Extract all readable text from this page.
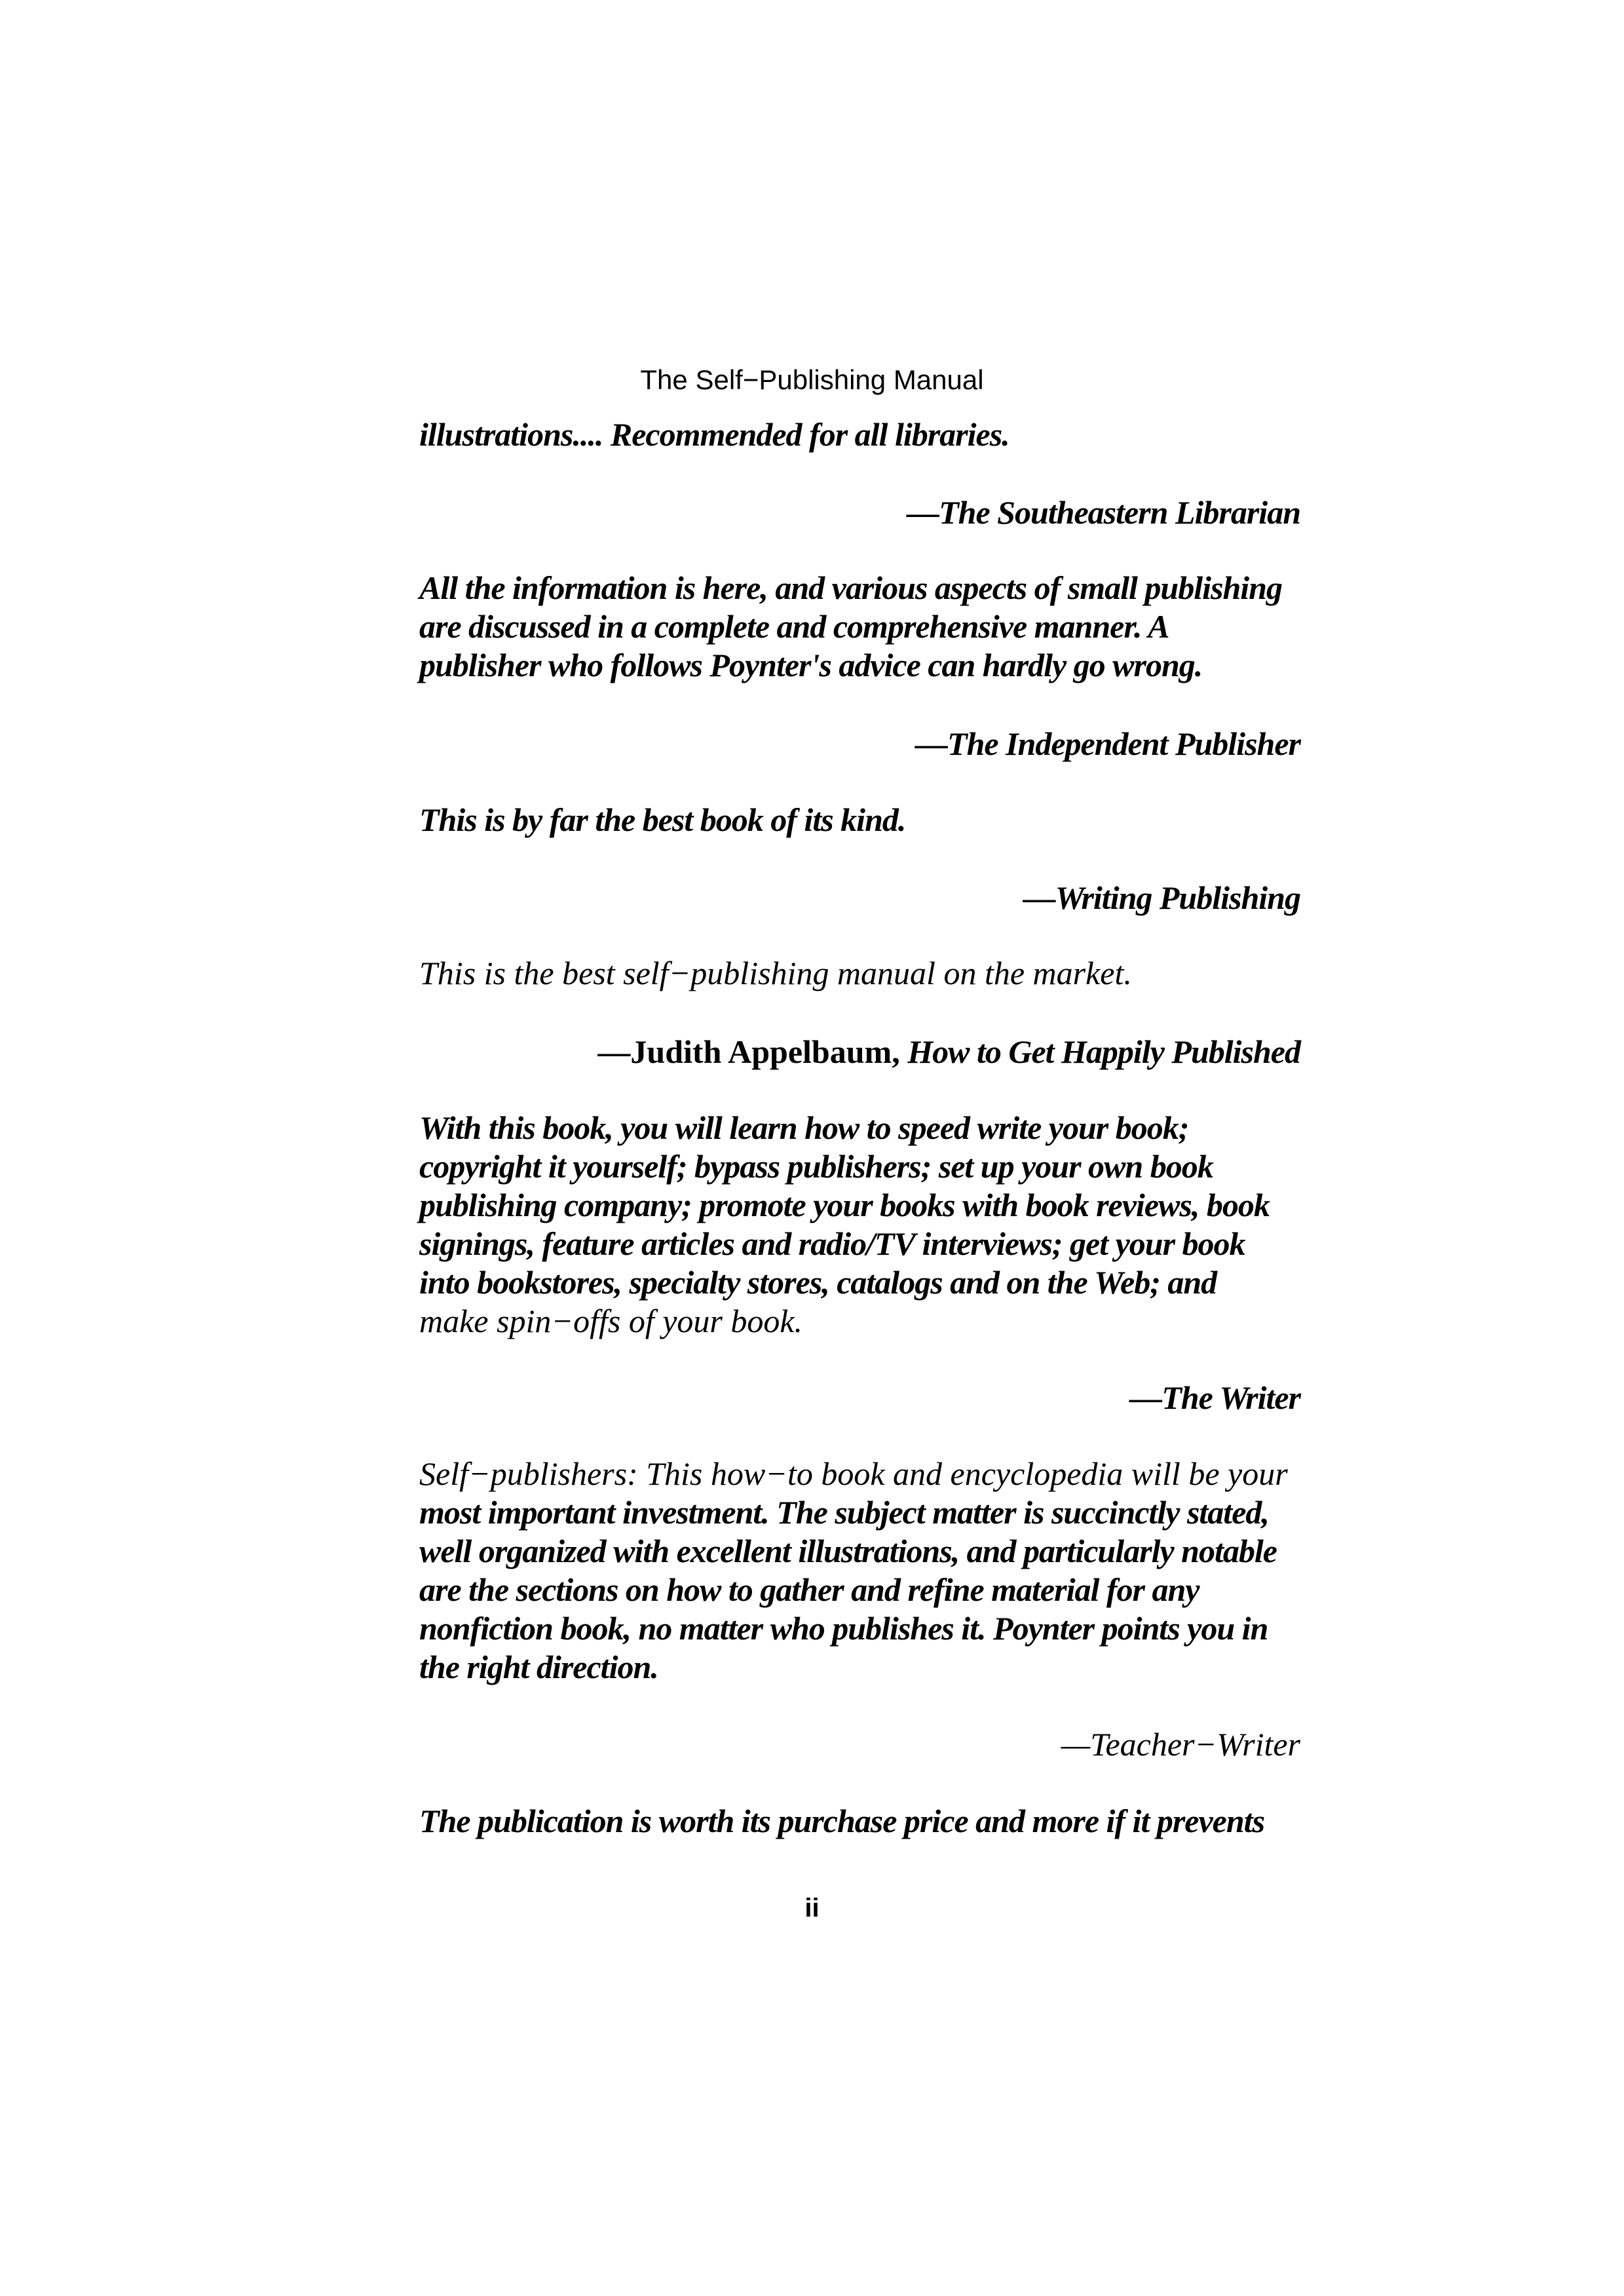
The Self−Publishing Manual
illustrations.... Recommended for all libraries.
—The Southeastern Librarian
All the information is here, and various aspects of small publishing
are discussed in a complete and comprehensive manner. A
publisher who follows Poynter's advice can hardly go wrong.
—The Independent Publisher
This is by far the best book of its kind.
—Writing Publishing
This is the best self−publishing manual on the market.
—Judith Appelbaum, How to Get Happily Published
With this book, you will learn how to speed write your book;
copyright it yourself; bypass publishers; set up your own book
publishing company; promote your books with book reviews, book
signings, feature articles and radio/TV interviews; get your book
into bookstores, specialty stores, catalogs and on the Web; and
make spin−offs of your book.
—The Writer
Self−publishers: This how−to book and encyclopedia will be your
most important investment. The subject matter is succinctly stated,
well organized with excellent illustrations, and particularly notable
are the sections on how to gather and refine material for any
nonfiction book, no matter who publishes it. Poynter points you in
the right direction.
—Teacher−Writer
The publication is worth its purchase price and more if it prevents
ii
